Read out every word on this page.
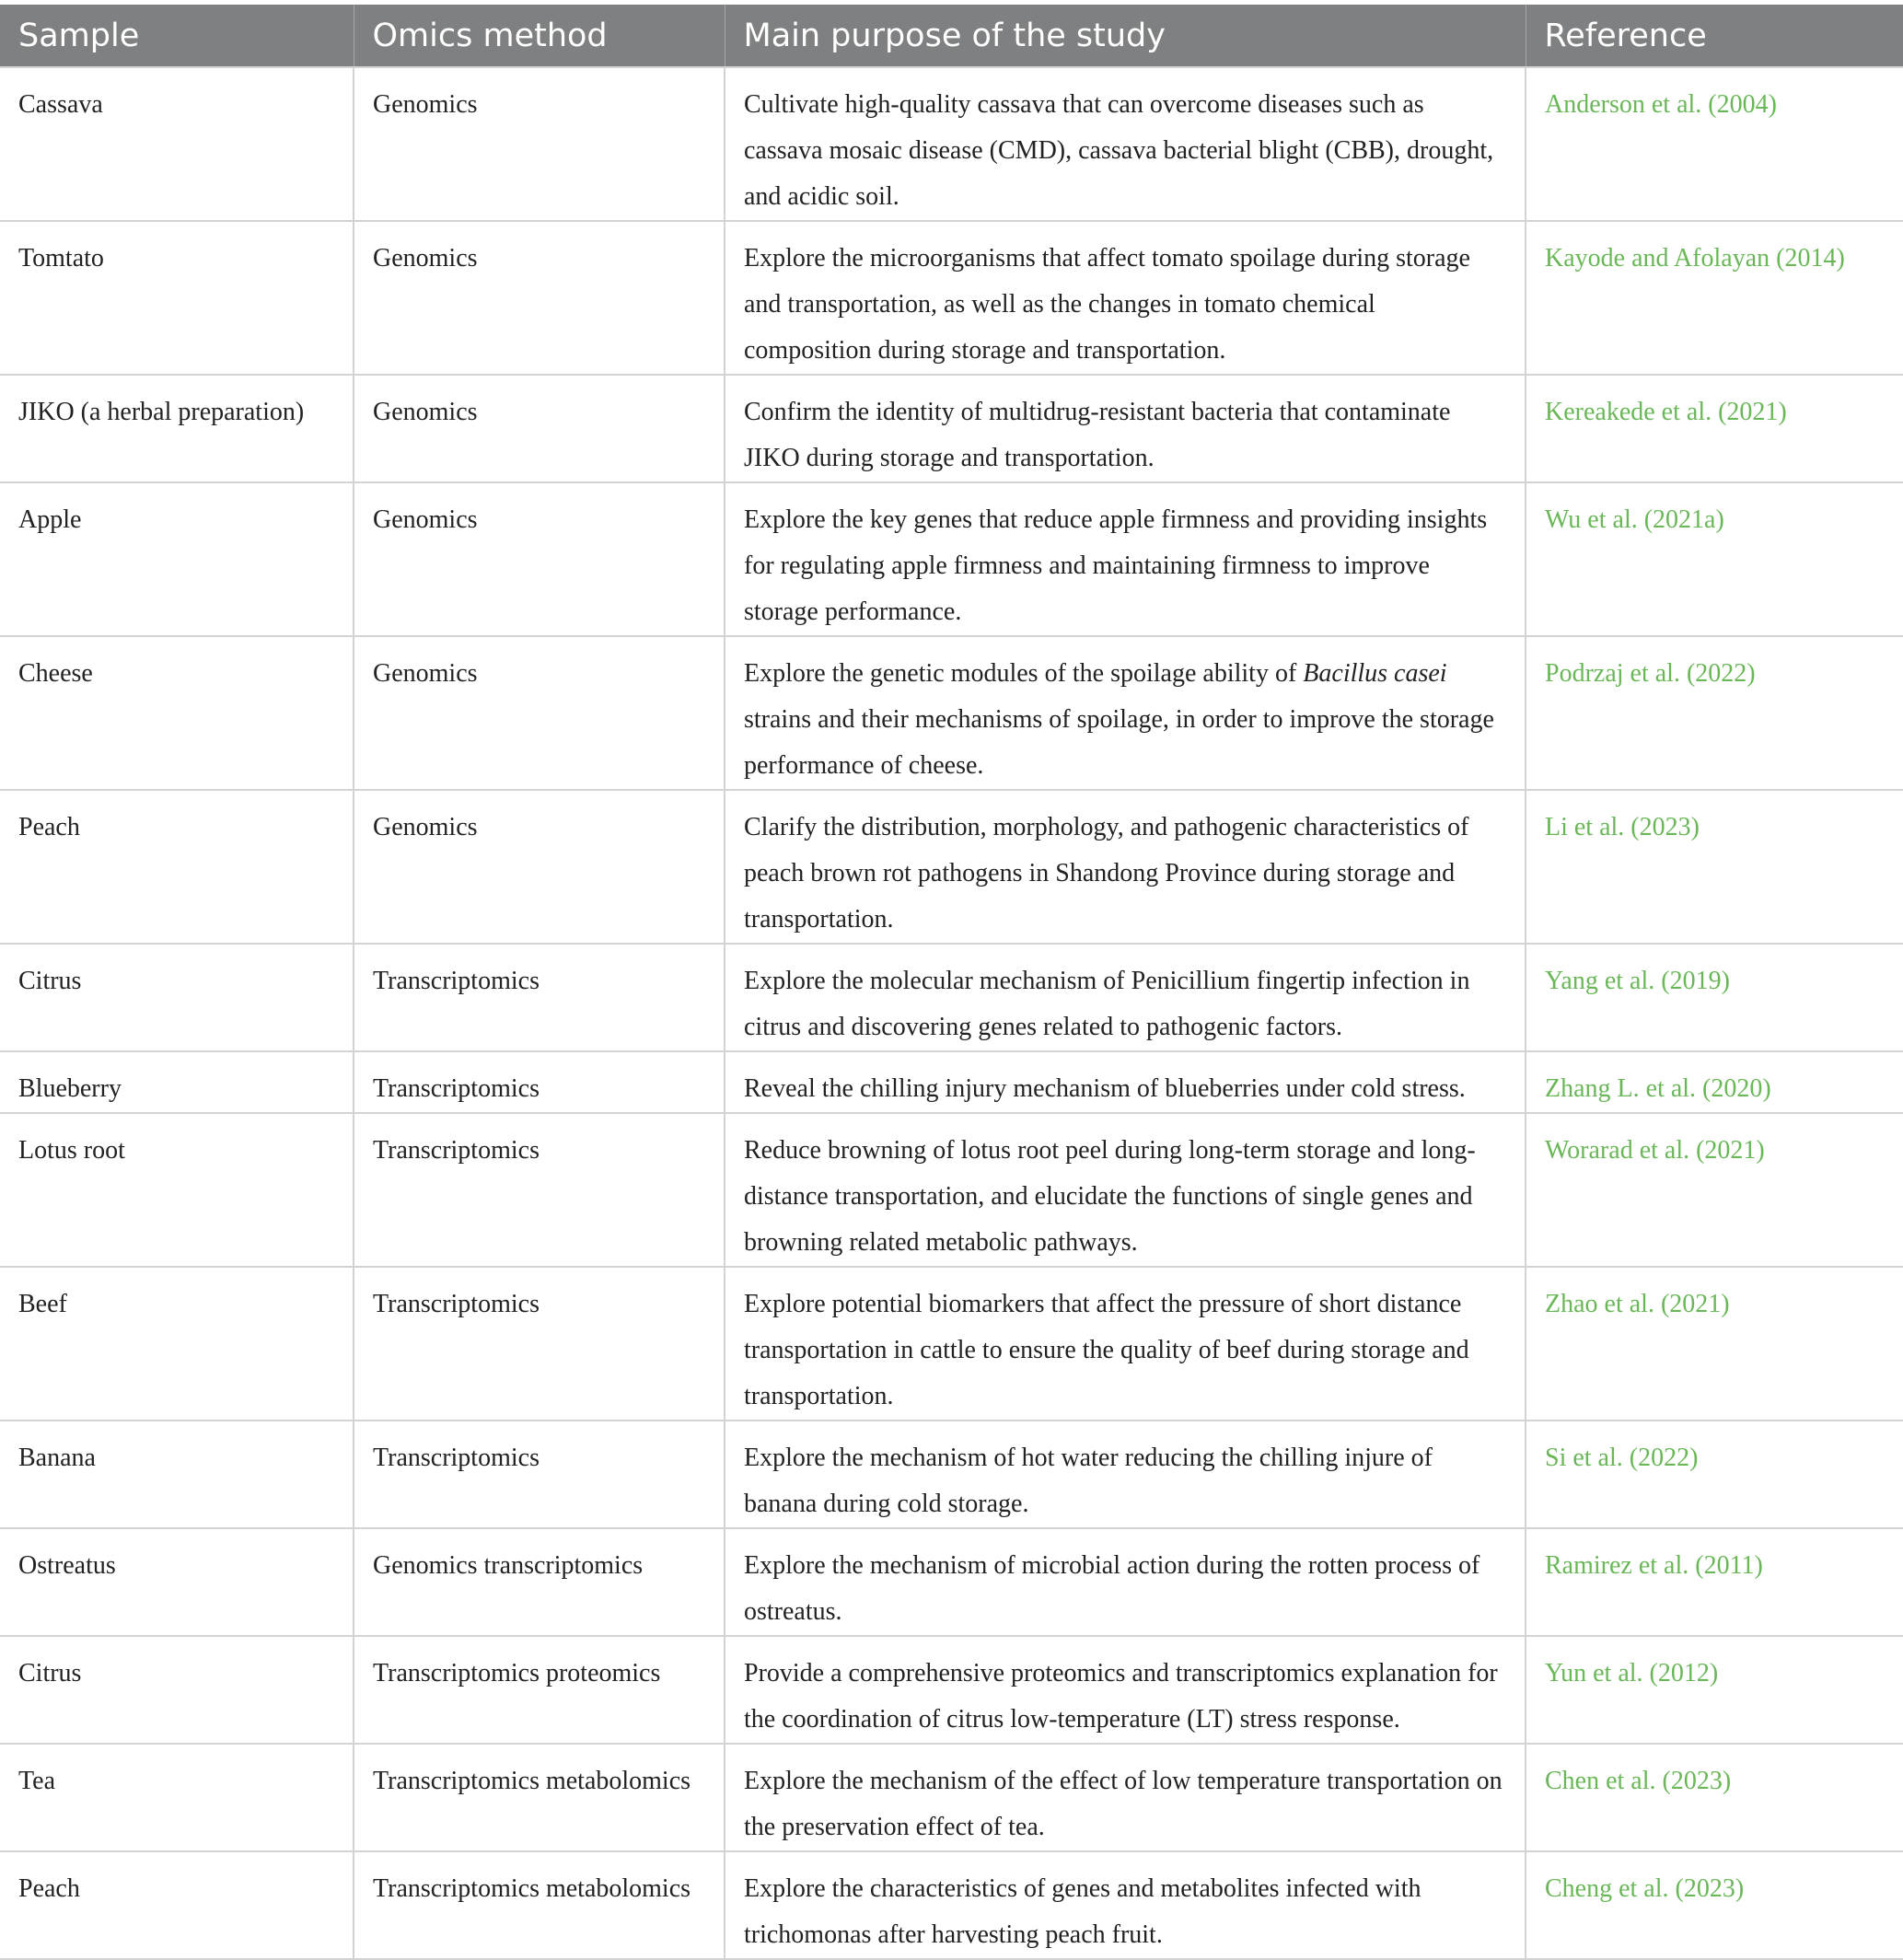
Sample	Omics method	Main purpose of the study	Reference
Cassava	Genomics	Cultivate high-quality cassava that can overcome diseases such as cassava mosaic disease (CMD), cassava bacterial blight (CBB), drought, and acidic soil.	Anderson et al. (2004)
Tomtato	Genomics	Explore the microorganisms that affect tomato spoilage during storage and transportation, as well as the changes in tomato chemical composition during storage and transportation.	Kayode and Afolayan (2014)
JIKO (a herbal preparation)	Genomics	Confirm the identity of multidrug-resistant bacteria that contaminate JIKO during storage and transportation.	Kereakede et al. (2021)
Apple	Genomics	Explore the key genes that reduce apple firmness and providing insights for regulating apple firmness and maintaining firmness to improve storage performance.	Wu et al. (2021a)
Cheese	Genomics	Explore the genetic modules of the spoilage ability of Bacillus casei strains and their mechanisms of spoilage, in order to improve the storage performance of cheese.	Podrzaj et al. (2022)
Peach	Genomics	Clarify the distribution, morphology, and pathogenic characteristics of peach brown rot pathogens in Shandong Province during storage and transportation.	Li et al. (2023)
Citrus	Transcriptomics	Explore the molecular mechanism of Penicillium fingertip infection in citrus and discovering genes related to pathogenic factors.	Yang et al. (2019)
Blueberry	Transcriptomics	Reveal the chilling injury mechanism of blueberries under cold stress.	Zhang L. et al. (2020)
Lotus root	Transcriptomics	Reduce browning of lotus root peel during long-term storage and long-distance transportation, and elucidate the functions of single genes and browning related metabolic pathways.	Worarad et al. (2021)
Beef	Transcriptomics	Explore potential biomarkers that affect the pressure of short distance transportation in cattle to ensure the quality of beef during storage and transportation.	Zhao et al. (2021)
Banana	Transcriptomics	Explore the mechanism of hot water reducing the chilling injure of banana during cold storage.	Si et al. (2022)
Ostreatus	Genomics transcriptomics	Explore the mechanism of microbial action during the rotten process of ostreatus.	Ramirez et al. (2011)
Citrus	Transcriptomics proteomics	Provide a comprehensive proteomics and transcriptomics explanation for the coordination of citrus low-temperature (LT) stress response.	Yun et al. (2012)
Tea	Transcriptomics metabolomics	Explore the mechanism of the effect of low temperature transportation on the preservation effect of tea.	Chen et al. (2023)
Peach	Transcriptomics metabolomics	Explore the characteristics of genes and metabolites infected with trichomonas after harvesting peach fruit.	Cheng et al. (2023)
